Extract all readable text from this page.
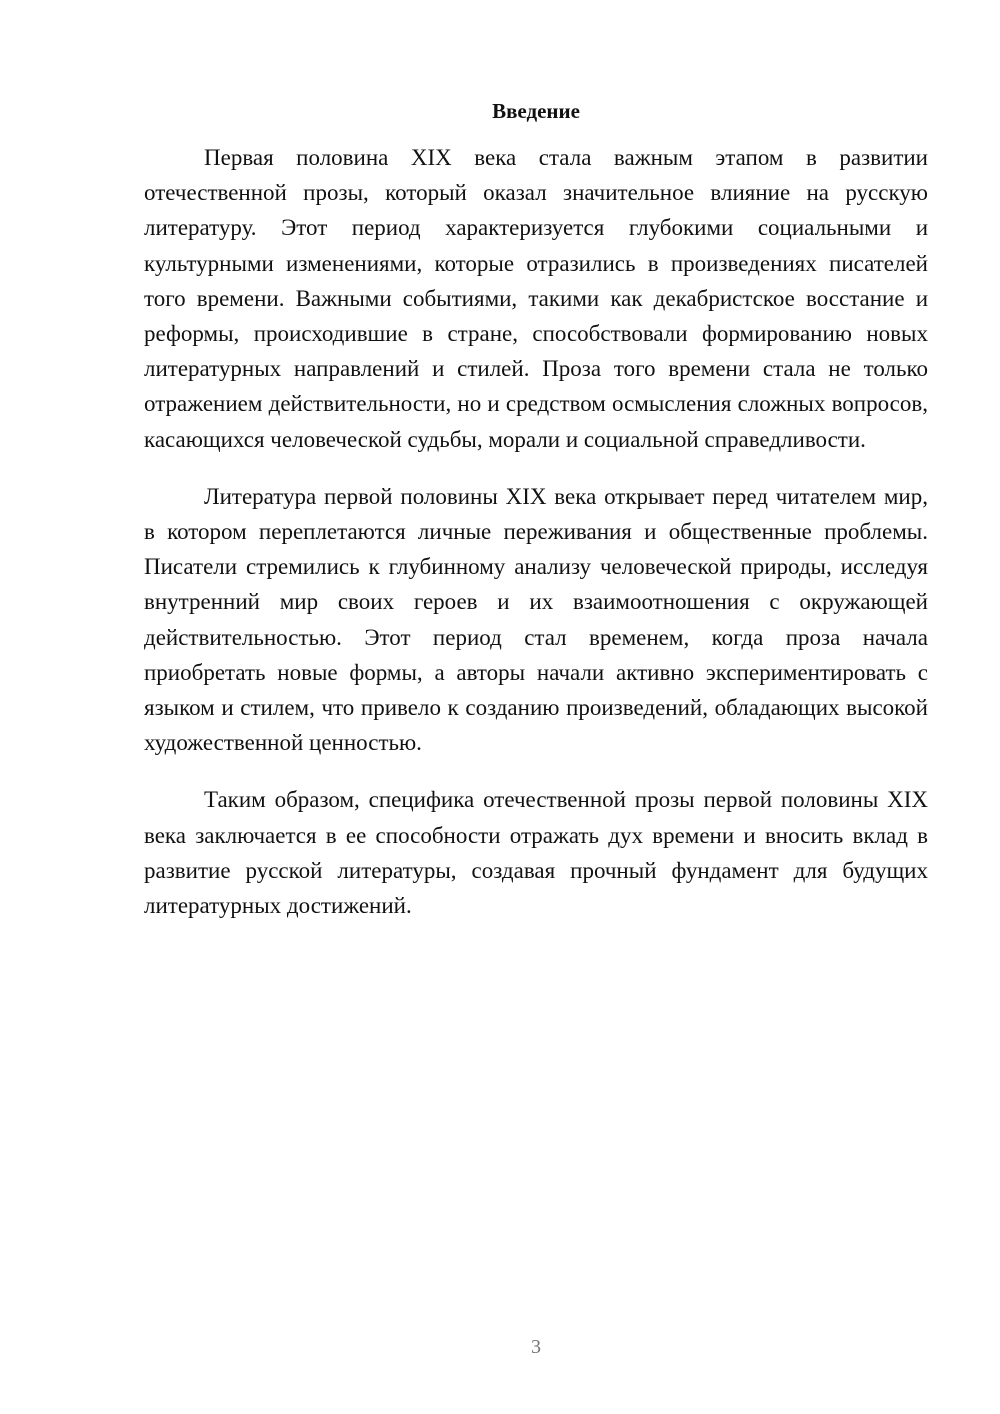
Введение

Первая половина XIX века стала важным этапом в развитии отечественной прозы, который оказал значительное влияние на русскую литературу. Этот период характеризуется глубокими социальными и культурными изменениями, которые отразились в произведениях писателей того времени. Важными событиями, такими как декабристское восстание и реформы, происходившие в стране, способствовали формированию новых литературных направлений и стилей. Проза того времени стала не только отражением действительности, но и средством осмысления сложных вопросов, касающихся человеческой судьбы, морали и социальной справедливости.

Литература первой половины XIX века открывает перед читателем мир, в котором переплетаются личные переживания и общественные проблемы. Писатели стремились к глубинному анализу человеческой природы, исследуя внутренний мир своих героев и их взаимоотношения с окружающей действительностью. Этот период стал временем, когда проза начала приобретать новые формы, а авторы начали активно экспериментировать с языком и стилем, что привело к созданию произведений, обладающих высокой художественной ценностью.

Таким образом, специфика отечественной прозы первой половины XIX века заключается в ее способности отражать дух времени и вносить вклад в развитие русской литературы, создавая прочный фундамент для будущих литературных достижений.

3
